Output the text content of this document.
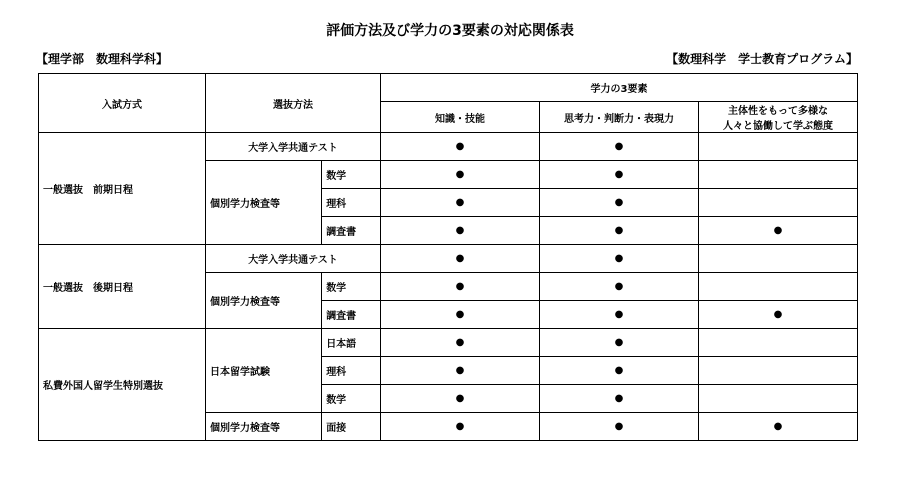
評価方法及び学力の3要素の対応関係表
【理学部　数理科学科】	【数理科学　学士教育プログラム】
入試方式	選抜方法		学力の3要素		
			知識・技能	思考力・判断力・表現力	主体性をもって多様な
人々と協働して学ぶ態度
一般選抜　前期日程	大学入学共通テスト		●	●	
	個別学力検査等	数学	●	●	
		理科	●	●	
		調査書	●	●	●
一般選抜　後期日程	大学入学共通テスト		●	●	
	個別学力検査等	数学	●	●	
		調査書	●	●	●
私費外国人留学生特別選抜	日本留学試験	日本語	●	●	
		理科	●	●	
		数学	●	●	
	個別学力検査等	面接	●	●	●
